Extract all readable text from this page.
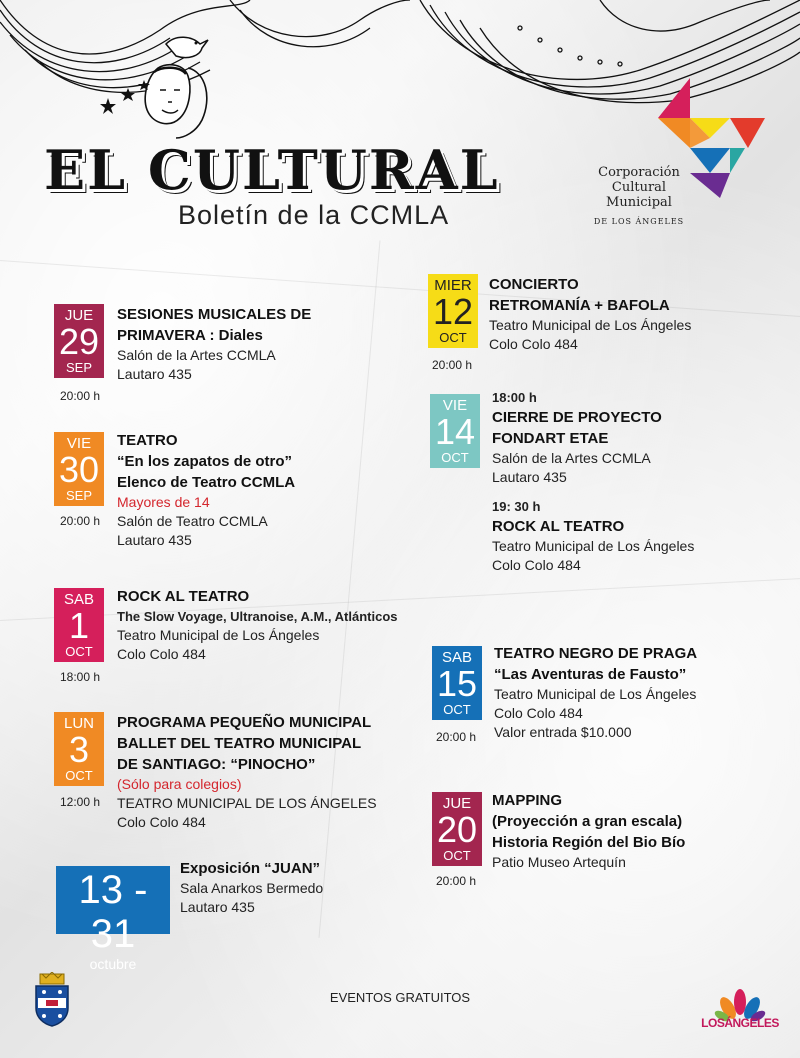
EL CULTURAL
Boletín de la CCMLA
Corporación
Cultural
Municipal
DE LOS ÁNGELES
JUE
29
SEP
20:00 h
SESIONES MUSICALES DE
PRIMAVERA : Diales
Salón de la Artes CCMLA
Lautaro 435
VIE
30
SEP
20:00 h
TEATRO
“En los zapatos de otro”
Elenco de Teatro CCMLA
Mayores de 14
Salón de Teatro CCMLA
Lautaro 435
SAB
1
OCT
18:00 h
ROCK AL TEATRO
The Slow Voyage, Ultranoise, A.M., Atlánticos
Teatro Municipal de Los Ángeles
Colo Colo 484
LUN
3
OCT
12:00 h
PROGRAMA PEQUEÑO MUNICIPAL
BALLET DEL TEATRO MUNICIPAL
DE SANTIAGO: “PINOCHO”
(Sólo para colegios)
TEATRO MUNICIPAL DE LOS ÁNGELES
Colo Colo 484
13 - 31
octubre
Exposición “JUAN”
Sala Anarkos Bermedo
Lautaro 435
MIER
12
OCT
20:00 h
CONCIERTO
RETROMANÍA + BAFOLA
Teatro Municipal de Los Ángeles
Colo Colo 484
VIE
14
OCT
18:00 h
CIERRE DE PROYECTO
FONDART ETAE
Salón de la Artes CCMLA
Lautaro 435
19: 30 h
ROCK AL TEATRO
Teatro Municipal de Los Ángeles
Colo Colo 484
SAB
15
OCT
20:00 h
TEATRO NEGRO DE PRAGA
“Las Aventuras de Fausto”
Teatro Municipal de Los Ángeles
Colo Colo 484
Valor entrada $10.000
JUE
20
OCT
20:00 h
MAPPING
(Proyección a gran escala)
Historia Región del Bio Bío
Patio Museo Artequín
EVENTOS GRATUITOS
LOSÁNGELES
